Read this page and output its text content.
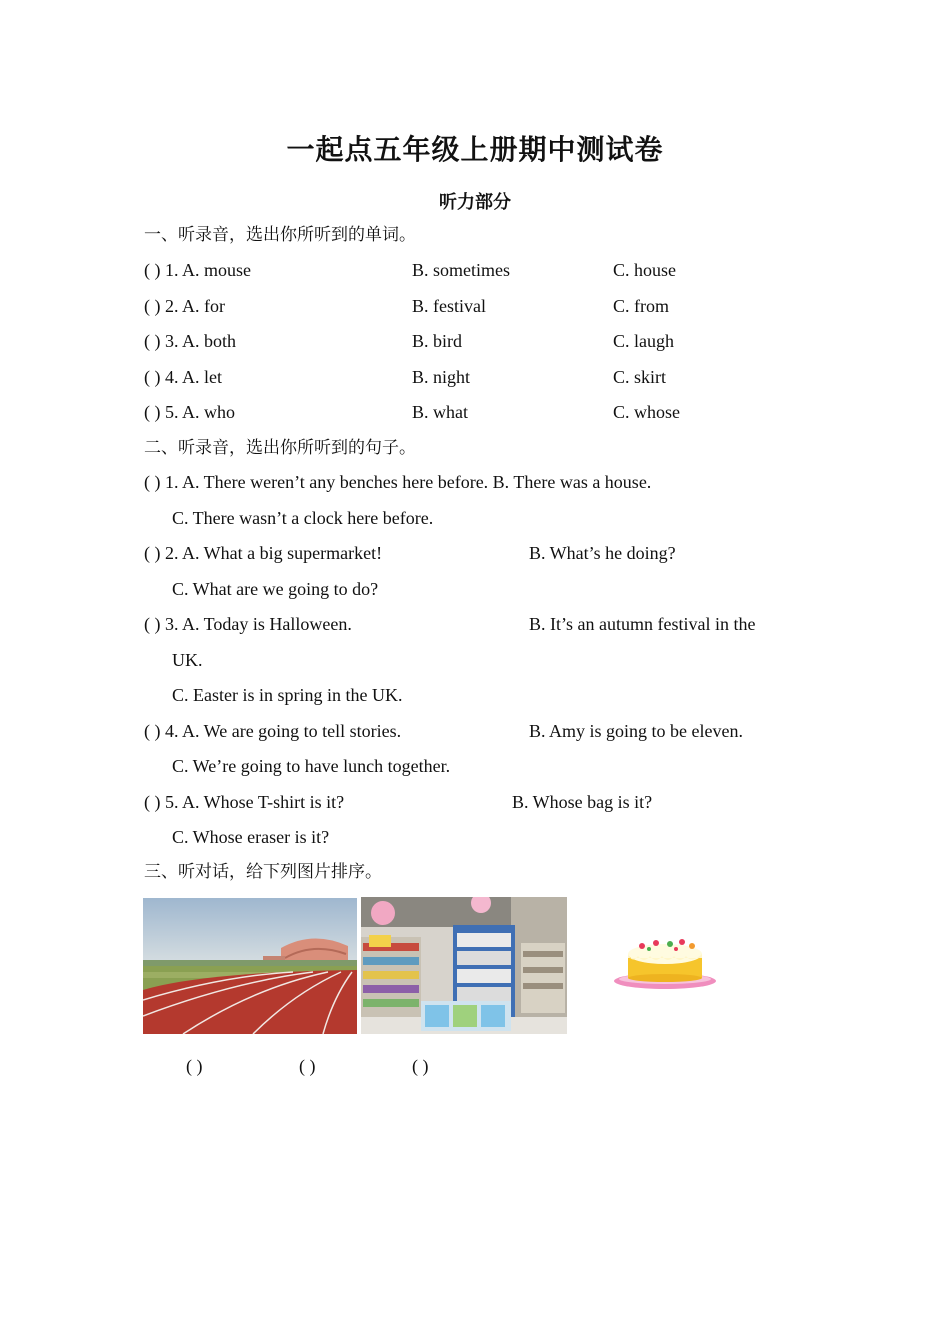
一起点五年级上册期中测试卷
听力部分
一、听录音，选出你所听到的单词。
( ) 1. A. mouse	B. sometimes	C. house
( ) 2. A. for	B. festival	C. from
( ) 3. A. both	B. bird	C. laugh
( ) 4. A. let	B. night	C. skirt
( ) 5. A. who	B. what	C. whose
二、听录音，选出你所听到的句子。
( ) 1. A. There weren’t any benches here before. B. There was a house.
C. There wasn’t a clock here before.
( ) 2. A. What a big supermarket!	B. What’s he doing?
C. What are we going to do?
( ) 3. A. Today is Halloween.	B. It’s an autumn festival in the
UK.
C. Easter is in spring in the UK.
( ) 4. A. We are going to tell stories.	B. Amy is going to be eleven.
C. We’re going to have lunch together.
( ) 5. A. Whose T-shirt is it?	B. Whose bag is it?
C. Whose eraser is it?
三、听对话，给下列图片排序。
( )	( )	( )
